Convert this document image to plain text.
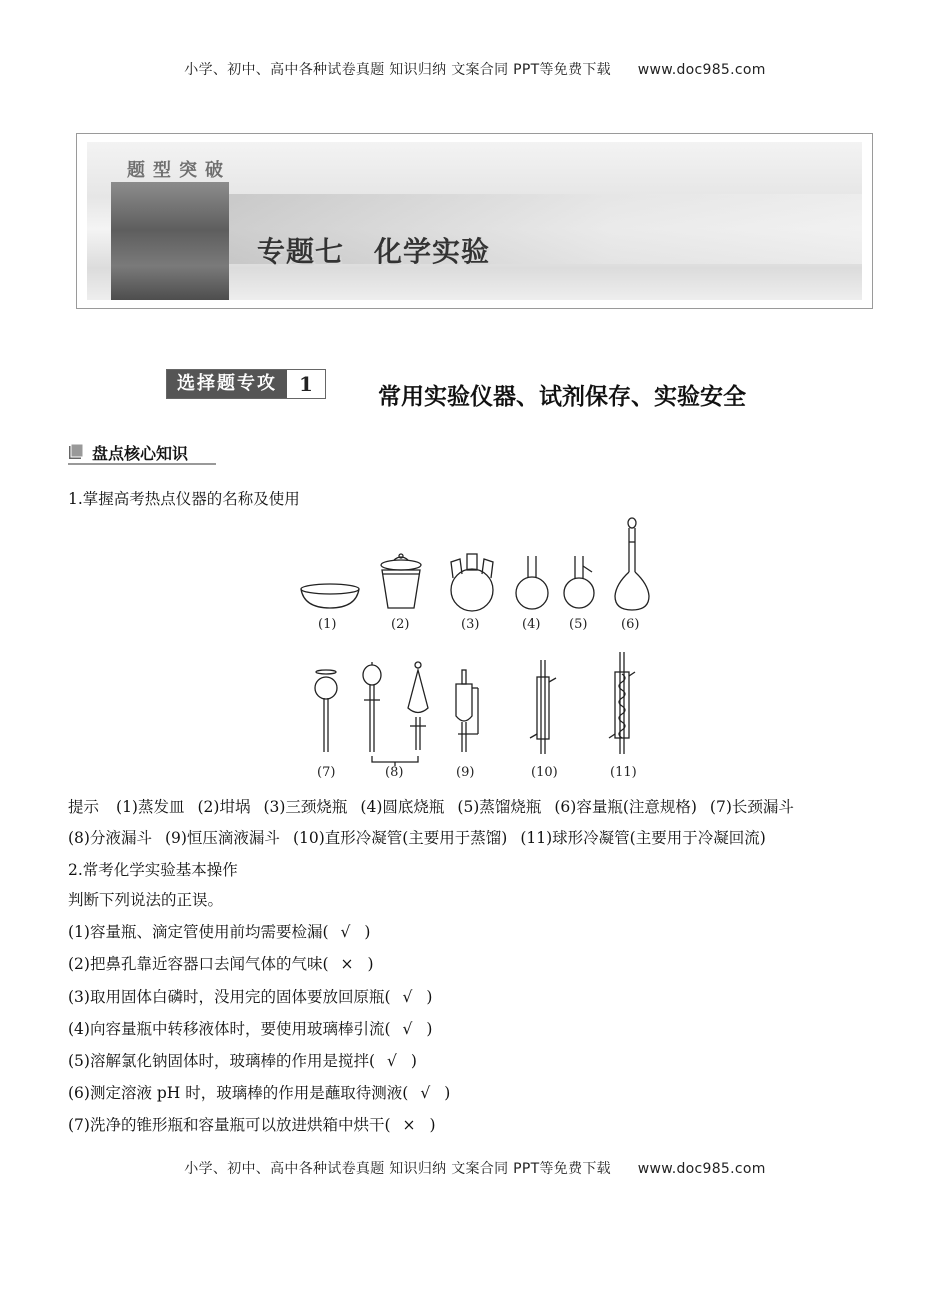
小学、初中、高中各种试卷真题 知识归纳 文案合同 PPT等免费下载 www.doc985.com
题型突破
专题七 化学实验
选择题专攻	1	常用实验仪器、试剂保存、实验安全
盘点核心知识
1.掌握高考热点仪器的名称及使用
(1)	(2)	(3)	(4) (5)	(6)
(7)	(8)	(9)	(10)	(11)
提示 (1)蒸发皿 (2)坩埚 (3)三颈烧瓶 (4)圆底烧瓶 (5)蒸馏烧瓶 (6)容量瓶(注意规格) (7)长颈漏斗
(8)分液漏斗 (9)恒压滴液漏斗 (10)直形冷凝管(主要用于蒸馏) (11)球形冷凝管(主要用于冷凝回流)
2.常考化学实验基本操作
判断下列说法的正误。
(1)容量瓶、滴定管使用前均需要检漏( √ )
(2)把鼻孔靠近容器口去闻气体的气味( × )
(3)取用固体白磷时，没用完的固体要放回原瓶( √ )
(4)向容量瓶中转移液体时，要使用玻璃棒引流( √ )
(5)溶解氯化钠固体时，玻璃棒的作用是搅拌( √ )
(6)测定溶液 pH 时，玻璃棒的作用是蘸取待测液( √ )
(7)洗净的锥形瓶和容量瓶可以放进烘箱中烘干( × )
小学、初中、高中各种试卷真题 知识归纳 文案合同 PPT等免费下载 www.doc985.com
